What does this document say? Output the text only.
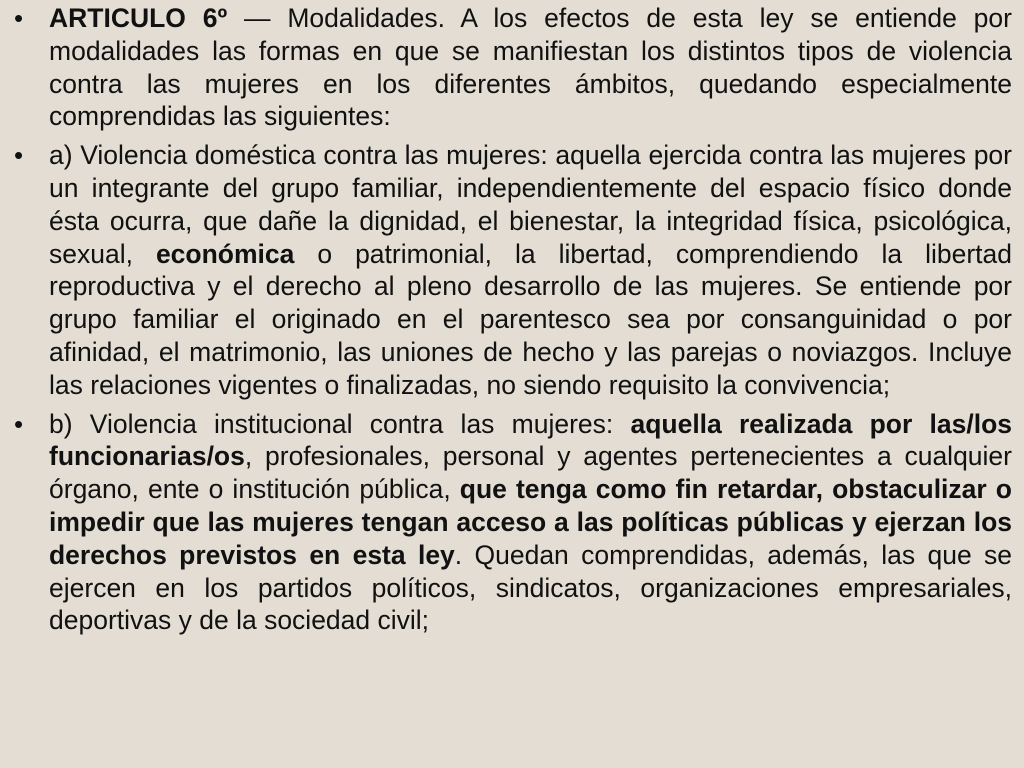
• ARTICULO 6º — Modalidades. A los efectos de esta ley se entiende por modalidades las formas en que se manifiestan los distintos tipos de violencia contra las mujeres en los diferentes ámbitos, quedando especialmente comprendidas las siguientes:
• a) Violencia doméstica contra las mujeres: aquella ejercida contra las mujeres por un integrante del grupo familiar, independientemente del espacio físico donde ésta ocurra, que dañe la dignidad, el bienestar, la integridad física, psicológica, sexual, económica o patrimonial, la libertad, comprendiendo la libertad reproductiva y el derecho al pleno desarrollo de las mujeres. Se entiende por grupo familiar el originado en el parentesco sea por consanguinidad o por afinidad, el matrimonio, las uniones de hecho y las parejas o noviazgos. Incluye las relaciones vigentes o finalizadas, no siendo requisito la convivencia;
• b) Violencia institucional contra las mujeres: aquella realizada por las/los funcionarias/os, profesionales, personal y agentes pertenecientes a cualquier órgano, ente o institución pública, que tenga como fin retardar, obstaculizar o impedir que las mujeres tengan acceso a las políticas públicas y ejerzan los derechos previstos en esta ley. Quedan comprendidas, además, las que se ejercen en los partidos políticos, sindicatos, organizaciones empresariales, deportivas y de la sociedad civil;
